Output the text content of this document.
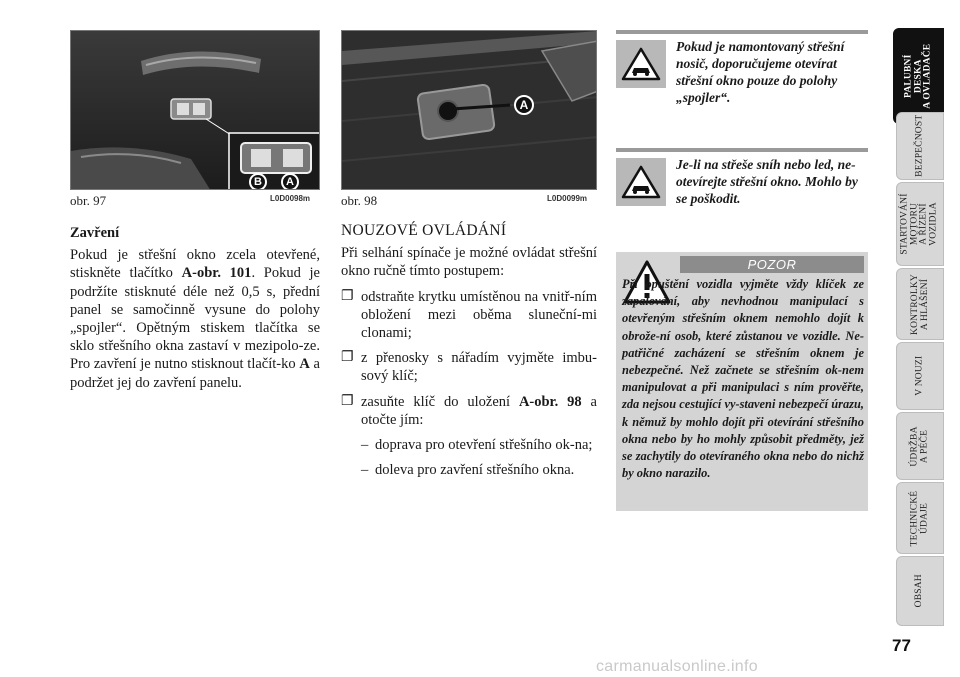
B	A
obr. 97	L0D0098m
A
obr. 98	L0D0099m
Zavření

Pokud je střešní okno zcela otevřené, stiskněte tlačítko A-obr. 101. Pokud je podržíte stisknuté déle než 0,5 s, přední panel se samočinně vysune do polohy „spojler“. Opětným stiskem tlačítka se sklo střešního okna zastaví v mezipolo-ze. Pro zavření je nutno stisknout tlačít-ko A a podržet jej do zavření panelu.

NOUZOVÉ OVLÁDÁNÍ

Při selhání spínače je možné ovládat střešní okno ručně tímto postupem:

❐ odstraňte krytku umístěnou na vnitř-ním obložení mezi oběma sluneční-mi clonami;
❐ z přenosky s nářadím vyjměte imbu-sový klíč;
❐ zasuňte klíč do uložení A-obr. 98 a otočte jím:
– doprava pro otevření střešního ok-na;
– doleva pro zavření střešního okna.
Pokud je namontovaný střešní nosič, doporučujeme otevírat střešní okno pouze do polohy „spojler“.
Je-li na střeše sníh nebo led, ne-otevírejte střešní okno. Mohlo by se poškodit.
POZOR
Při opuštění vozidla vyjměte vždy klíček ze zapalování, aby nevhodnou manipulací s otevřeným střešním oknem nemohlo dojít k obrože-ní osob, které zůstanou ve vozidle. Ne-patřičné zacházení se střešním oknem je nebezpečné. Než začnete se střešním ok-nem manipulovat a při manipulaci s ním prověřte, zda nejsou cestující vy-staveni nebezpečí úrazu, k němuž by mohlo dojít při otevírání střešního okna nebo by ho mohly způsobit předměty, jež se zachytily do otevíraného okna nebo do nichž by okno narazilo.
PALUBNÍ
DESKA
A OVLADAČE
BEZPEČNOST
STARTOVÁNÍ
MOTORU
A ŘÍZENÍ
VOZIDLA
KONTROLKY
A HLÁŠENÍ
V NOUZI
ÚDRŽBA
A PÉČE
TECHNICKÉ
ÚDAJE
OBSAH
77
carmanualsonline.info
